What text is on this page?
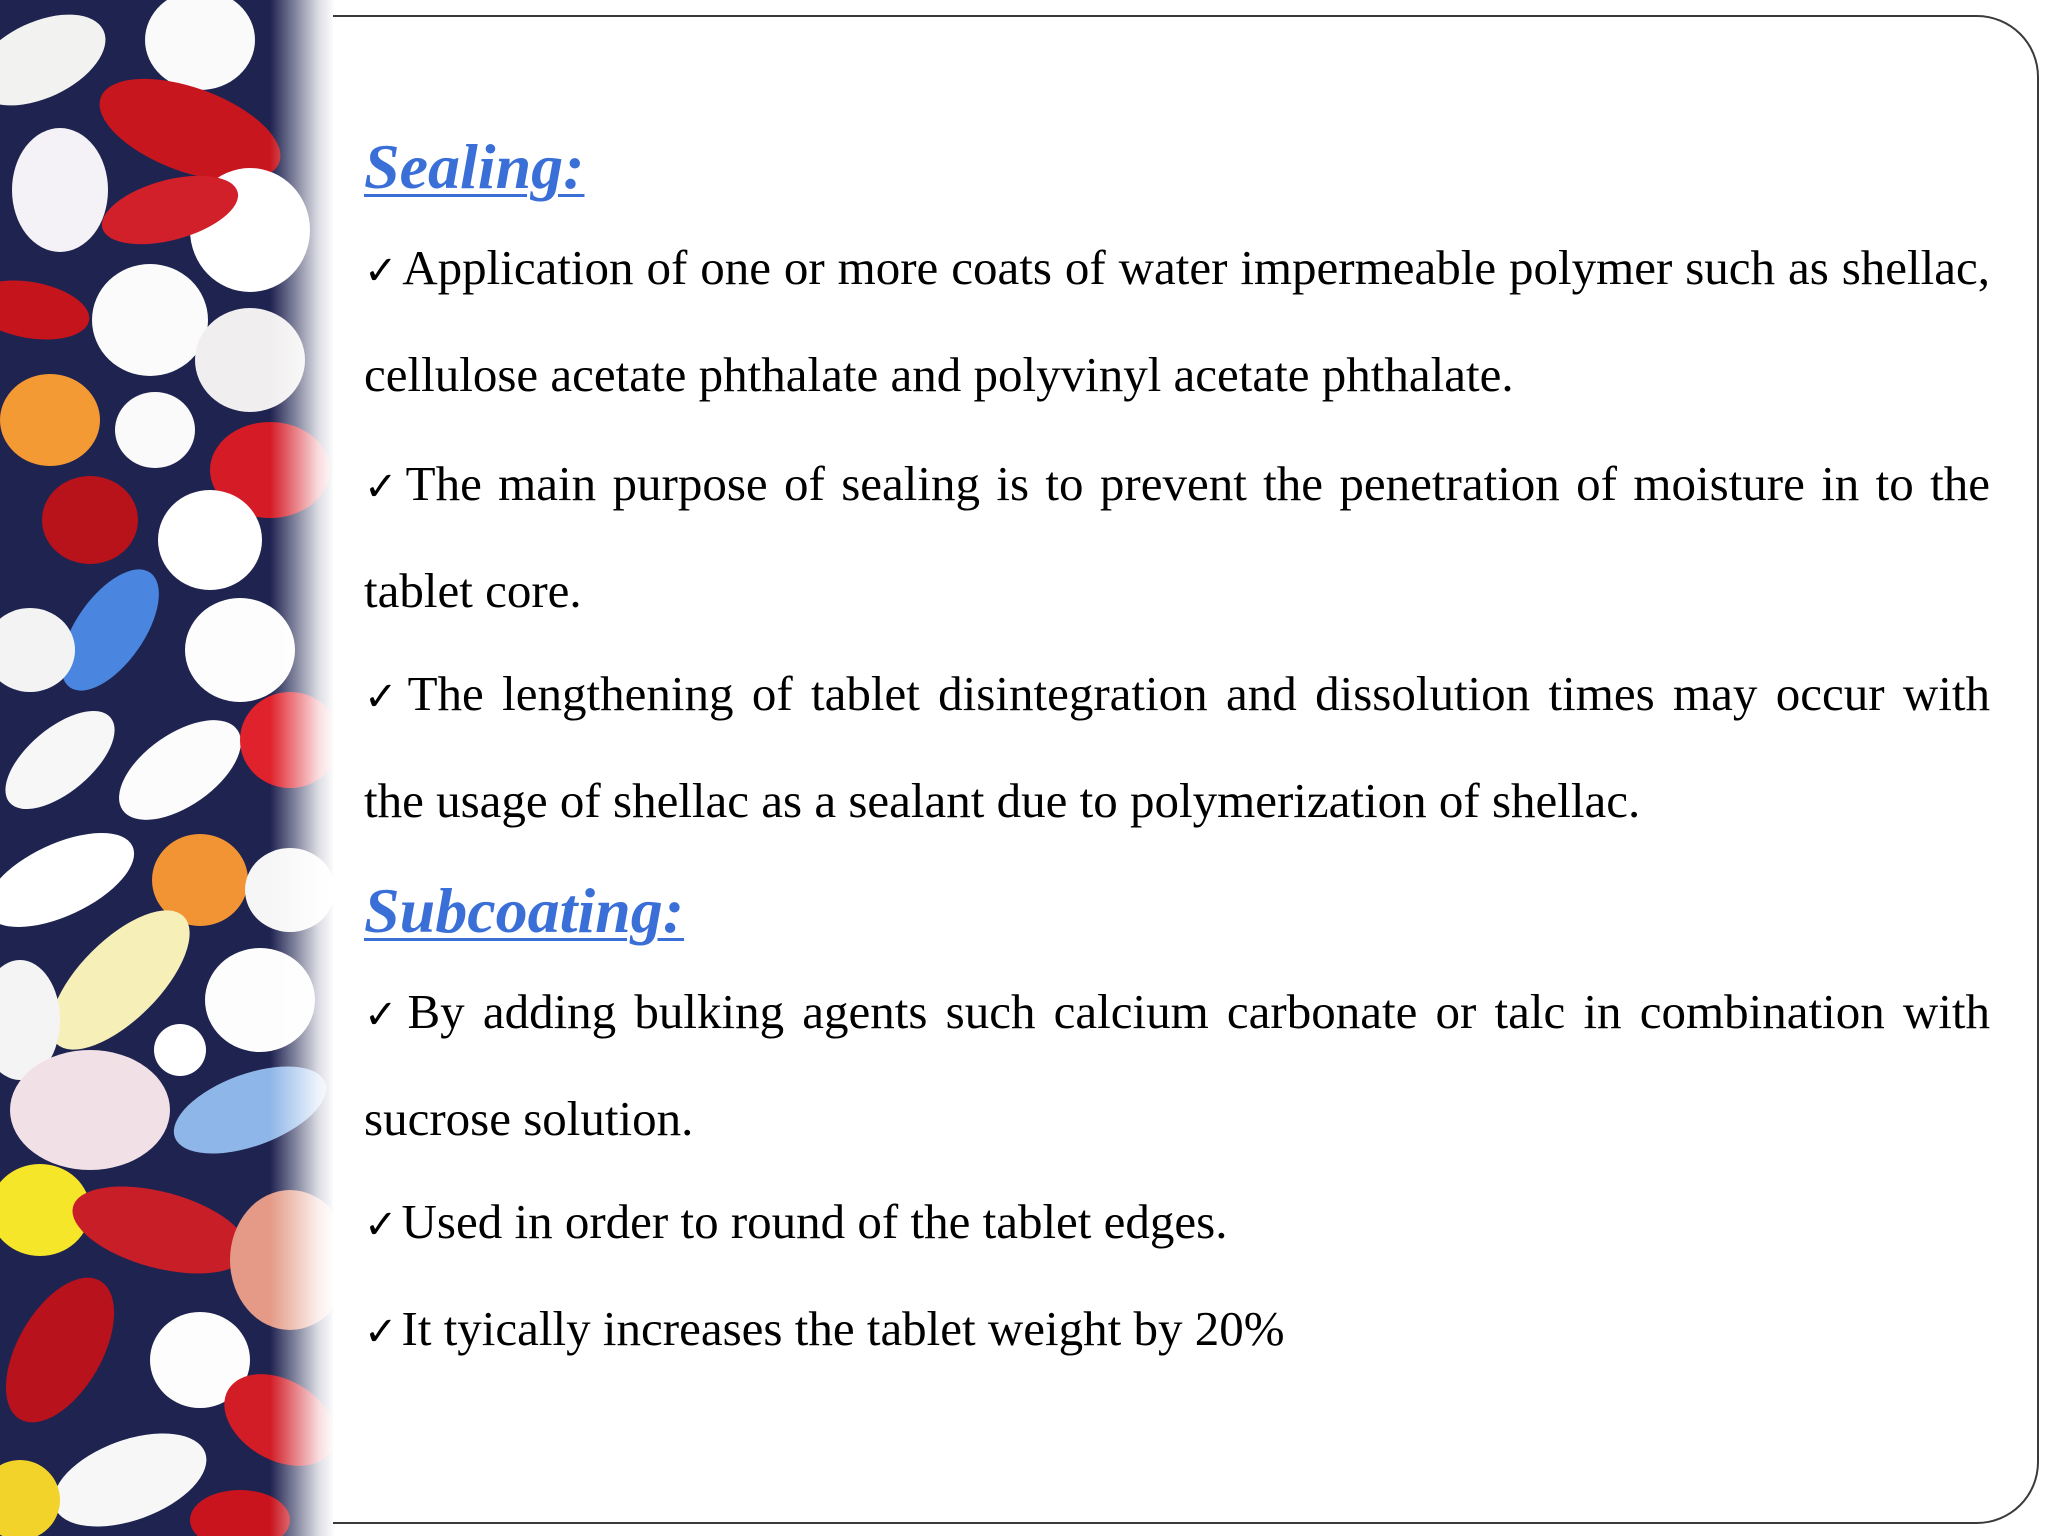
Sealing:

✓Application of one or more coats of water impermeable polymer such as shellac, cellulose acetate phthalate and polyvinyl acetate phthalate.

✓The main purpose of sealing is to prevent the penetration of moisture in to the tablet core.

✓The lengthening of tablet disintegration and dissolution times may occur with the usage of shellac as a sealant due to polymerization of shellac.

Subcoating:

✓By adding bulking agents such calcium carbonate or talc in combination with sucrose solution.

✓Used in order to round of the tablet edges.

✓It tyically increases the tablet weight by 20%
